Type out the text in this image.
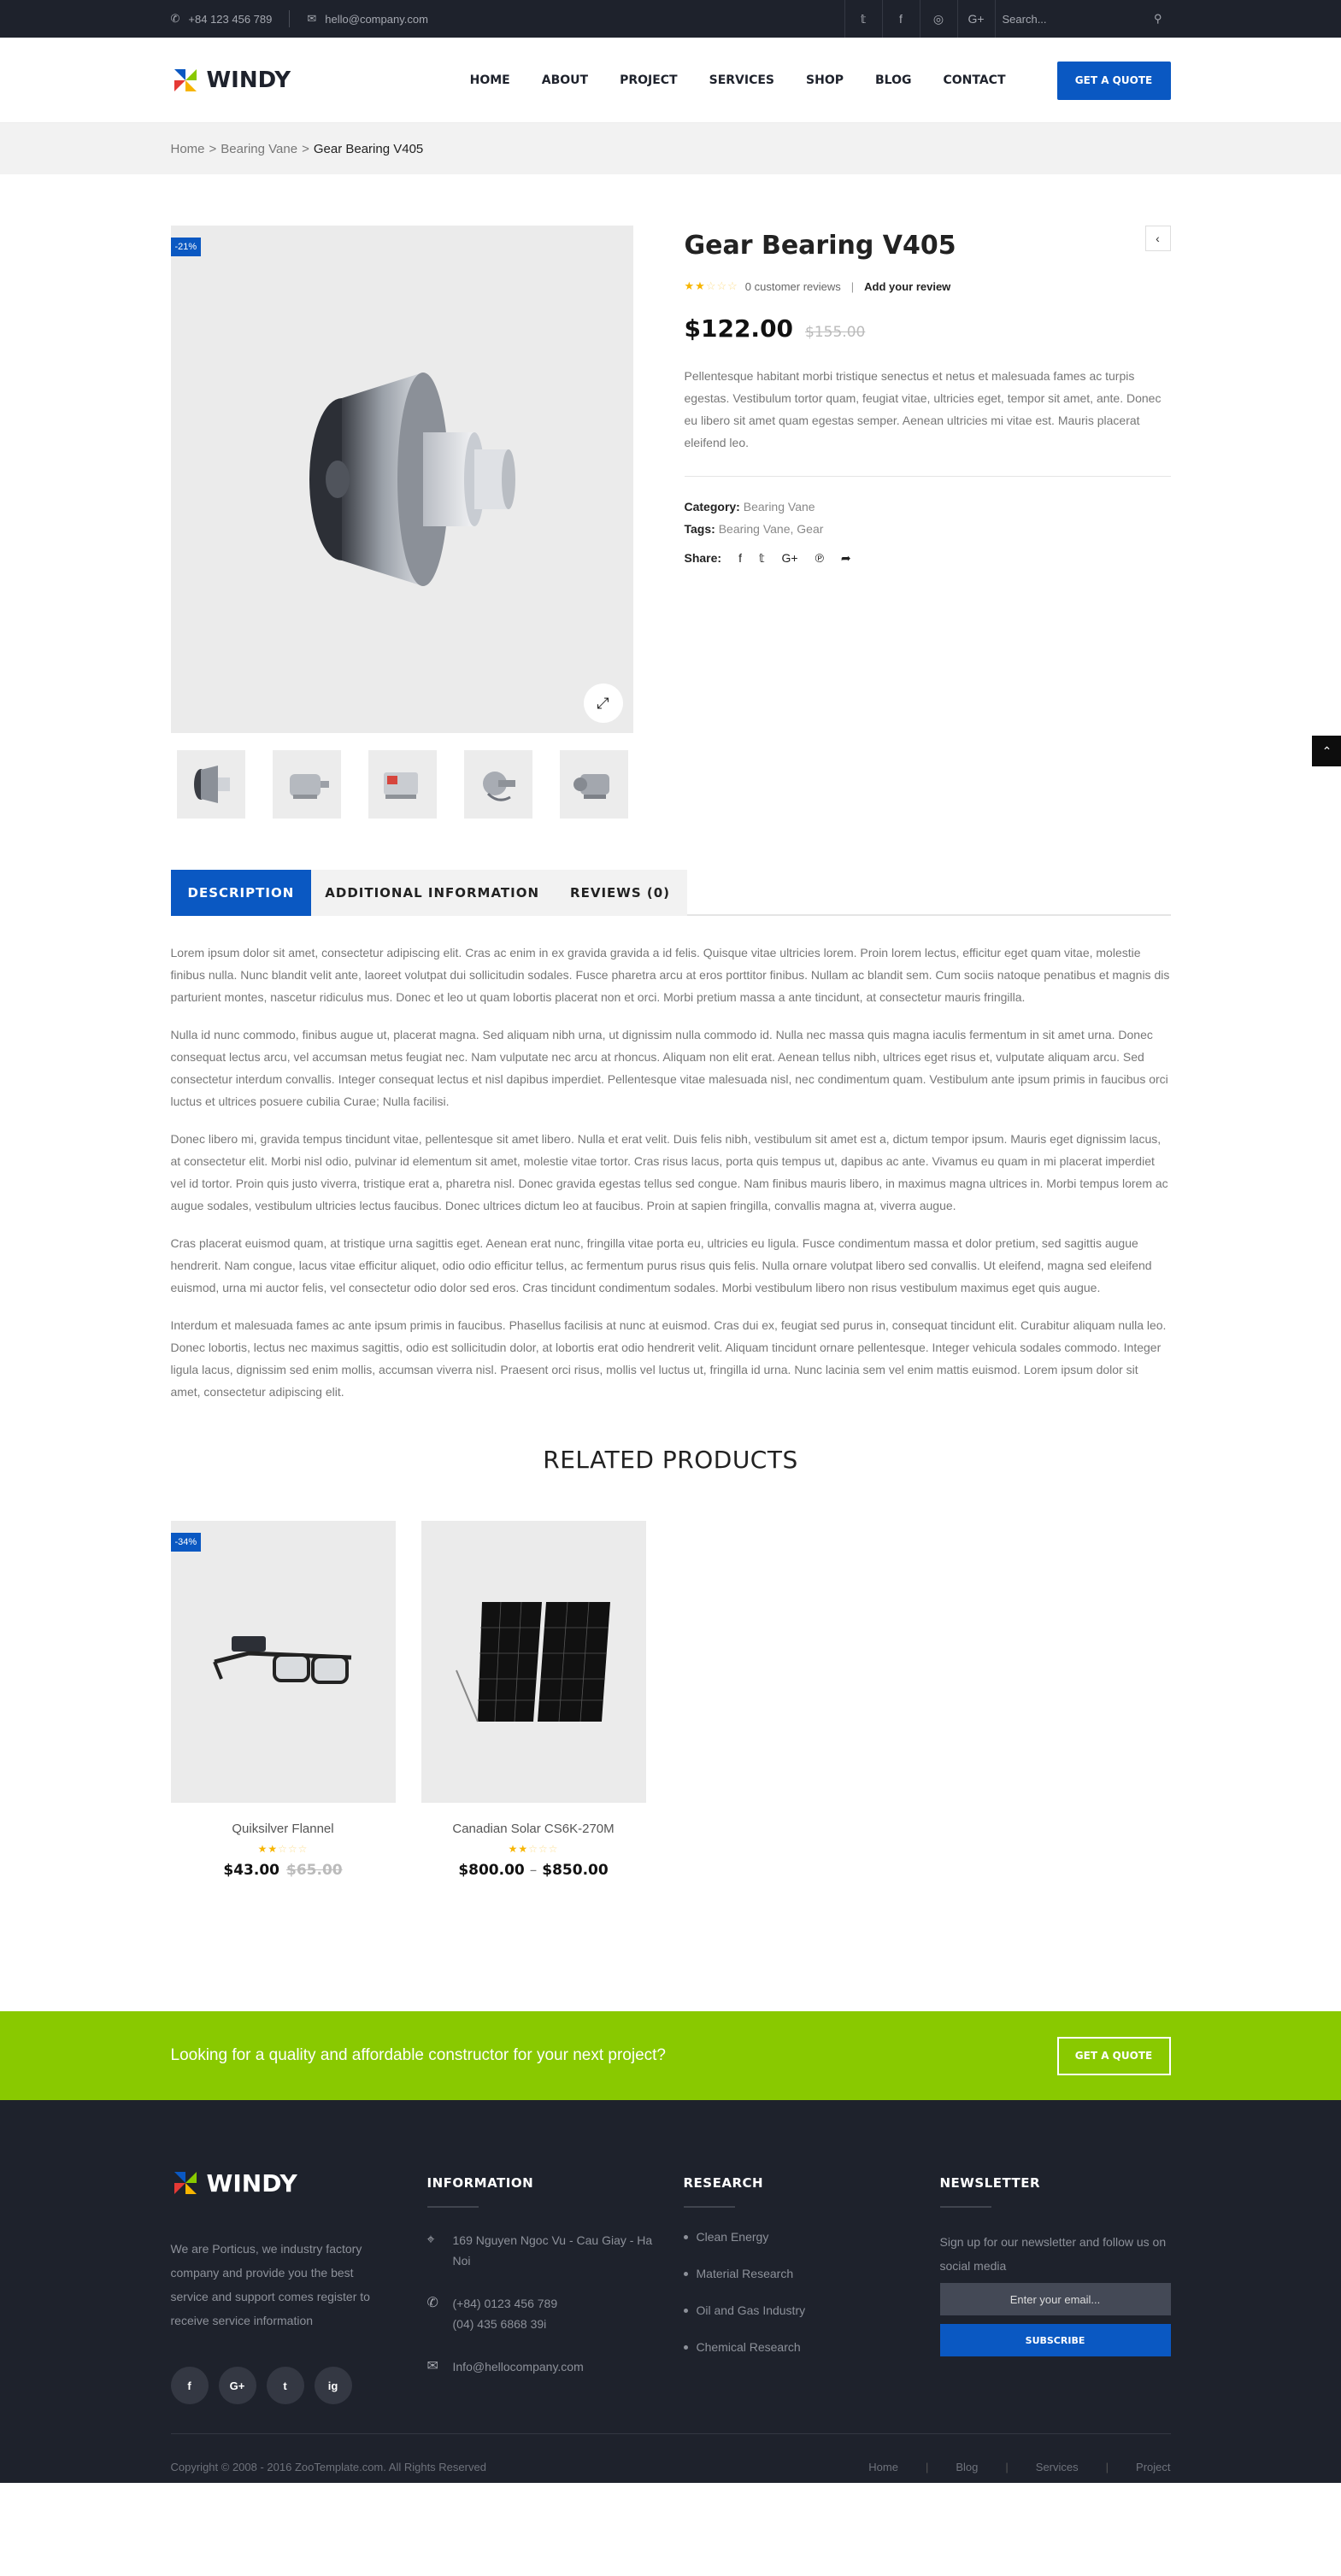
✆ +84 123 456 789	✉ hello@company.com	𝕥	f	◎	G+
Search...	⚲
WINDY	HOME	ABOUT	PROJECT	SERVICES	SHOP	BLOG	CONTACT	GET A QUOTE
Home > Bearing Vane > Gear Bearing V405
-21%
⤢
Gear Bearing V405	‹
★★☆☆☆ 0 customer reviews | Add your review
$122.00 $155.00

Pellentesque habitant morbi tristique senectus et netus et malesuada fames ac turpis egestas. Vestibulum tortor quam, feugiat vitae, ultricies eget, tempor sit amet, ante. Donec eu libero sit amet quam egestas semper. Aenean ultricies mi vitae est. Mauris placerat eleifend leo.

Category: Bearing Vane
Tags: Bearing Vane, Gear
Share: f 𝕥 G+ ℗ ➦
⌃
DESCRIPTION	ADDITIONAL INFORMATION	REVIEWS (0)

Lorem ipsum dolor sit amet, consectetur adipiscing elit. Cras ac enim in ex gravida gravida a id felis. Quisque vitae ultricies lorem. Proin lorem lectus, efficitur eget quam vitae, molestie finibus nulla. Nunc blandit velit ante, laoreet volutpat dui sollicitudin sodales. Fusce pharetra arcu at eros porttitor finibus. Nullam ac blandit sem. Cum sociis natoque penatibus et magnis dis parturient montes, nascetur ridiculus mus. Donec et leo ut quam lobortis placerat non et orci. Morbi pretium massa a ante tincidunt, at consectetur mauris fringilla.

Nulla id nunc commodo, finibus augue ut, placerat magna. Sed aliquam nibh urna, ut dignissim nulla commodo id. Nulla nec massa quis magna iaculis fermentum in sit amet urna. Donec consequat lectus arcu, vel accumsan metus feugiat nec. Nam vulputate nec arcu at rhoncus. Aliquam non elit erat. Aenean tellus nibh, ultrices eget risus et, vulputate aliquam arcu. Sed consectetur interdum convallis. Integer consequat lectus et nisl dapibus imperdiet. Pellentesque vitae malesuada nisl, nec condimentum quam. Vestibulum ante ipsum primis in faucibus orci luctus et ultrices posuere cubilia Curae; Nulla facilisi.

Donec libero mi, gravida tempus tincidunt vitae, pellentesque sit amet libero. Nulla et erat velit. Duis felis nibh, vestibulum sit amet est a, dictum tempor ipsum. Mauris eget dignissim lacus, at consectetur elit. Morbi nisl odio, pulvinar id elementum sit amet, molestie vitae tortor. Cras risus lacus, porta quis tempus ut, dapibus ac ante. Vivamus eu quam in mi placerat imperdiet vel id tortor. Proin quis justo viverra, tristique erat a, pharetra nisl. Donec gravida egestas tellus sed congue. Nam finibus mauris libero, in maximus magna ultrices in. Morbi tempus lorem ac augue sodales, vestibulum ultricies lectus faucibus. Donec ultrices dictum leo at faucibus. Proin at sapien fringilla, convallis magna at, viverra augue.

Cras placerat euismod quam, at tristique urna sagittis eget. Aenean erat nunc, fringilla vitae porta eu, ultricies eu ligula. Fusce condimentum massa et dolor pretium, sed sagittis augue hendrerit. Nam congue, lacus vitae efficitur aliquet, odio odio efficitur tellus, ac fermentum purus risus quis felis. Nulla ornare volutpat libero sed convallis. Ut eleifend, magna sed eleifend euismod, urna mi auctor felis, vel consectetur odio dolor sed eros. Cras tincidunt condimentum sodales. Morbi vestibulum libero non risus vestibulum maximus eget quis augue.

Interdum et malesuada fames ac ante ipsum primis in faucibus. Phasellus facilisis at nunc at euismod. Cras dui ex, feugiat sed purus in, consequat tincidunt elit. Curabitur aliquam nulla leo. Donec lobortis, lectus nec maximus sagittis, odio est sollicitudin dolor, at lobortis erat odio hendrerit velit. Aliquam tincidunt ornare pellentesque. Integer vehicula sodales commodo. Integer ligula lacus, dignissim sed enim mollis, accumsan viverra nisl. Praesent orci risus, mollis vel luctus ut, fringilla id urna. Nunc lacinia sem vel enim mattis euismod. Lorem ipsum dolor sit amet, consectetur adipiscing elit.

RELATED PRODUCTS
-34%
Quiksilver Flannel
★★☆☆☆
$43.00 $65.00
Canadian Solar CS6K-270M
★★☆☆☆
$800.00 – $850.00
Looking for a quality and affordable constructor for your next project?	GET A QUOTE
WINDY

We are Porticus, we industry factory company and provide you the best service and support comes register to receive service information

f	G+	t	ig
INFORMATION
⌖	169 Nguyen Ngoc Vu - Cau Giay - Ha Noi
✆	(+84) 0123 456 789
(04) 435 6868 39i
✉	Info@hellocompany.com
RESEARCH
Clean Energy
Material Research
Oil and Gas Industry
Chemical Research
NEWSLETTER

Sign up for our newsletter and follow us on social media

Enter your email...
SUBSCRIBE
Copyright © 2008 - 2016 ZooTemplate.com. All Rights Reserved	Home | Blog | Services | Project
